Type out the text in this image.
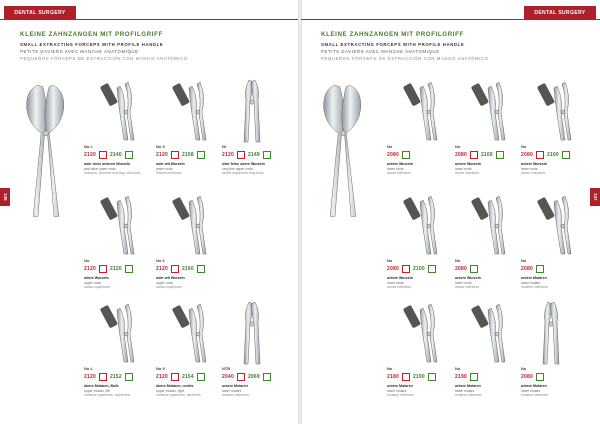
DENTAL SURGERY
KLEINE ZAHNZANGEN MIT PROFILGRIFF
SMALL EXTRACTING FORCEPS WITH PROFILE HANDLE
PETITS DAVIERS AVEC MANCHE ANATOMIQUE
PEQUEÑOS FÓRCEPS DE EXTRACCIÓN CON MANGO ANATÓMICO
136
No L
2120	2140
oder Incis unteren Wurzeln
and other lower roots
Incisivos, Wurzeln und ang. inferiores
No 9
2120	2158
oder wtl Wurzeln
lower roots
Raíces inferiores
Nr
2120	2149
oder feine obere Wurzeln
very fine upper roots
raíces superiores muy finas
No
2120	2120
obere Wurzeln
upper roots
raíces superiores
No 6
2120	2160
oder wtl Wurzeln
upper roots
raíces superiores
No L
2120	2152
obere Molaren, Bulb
upper molars, left
molares superiores, izquierdos
No 9
2120	2154
obere Molaren, rechts
upper molars, right
molares superiores, derechos
NTR
2040	2069
untere Molaren
lower molars
molares inferiores
DENTAL SURGERY
KLEINE ZAHNZANGEN MIT PROFILGRIFF
SMALL EXTRACTING FORCEPS WITH PROFILE HANDLE
PETITS DAVIERS AVEC MANCHE ANATOMIQUE
PEQUEÑOS FÓRCEPS DE EXTRACCIÓN CON MANGO ANATÓMICO
137
No
2080
untere Wurzeln
lower roots
raíces inferiores
No
2080	2100
untere Wurzeln
lower roots
raíces inferiores
No
2080	2100
untere Wurzeln
lower roots
raíces inferiores
No
2080	2100
untere Wurzeln
lower roots
raíces inferiores
No
2080
untere Wurzeln
lower roots
raíces inferiores
No
2080
untere Molaren
lower molars
molares inferiores
No
2180	2190
untere Molaren
lower molars
molares inferiores
No
2190
untere Molaren
lower molars
molares inferiores
No
2080
untere Molaren
lower molars
molares inferiores
